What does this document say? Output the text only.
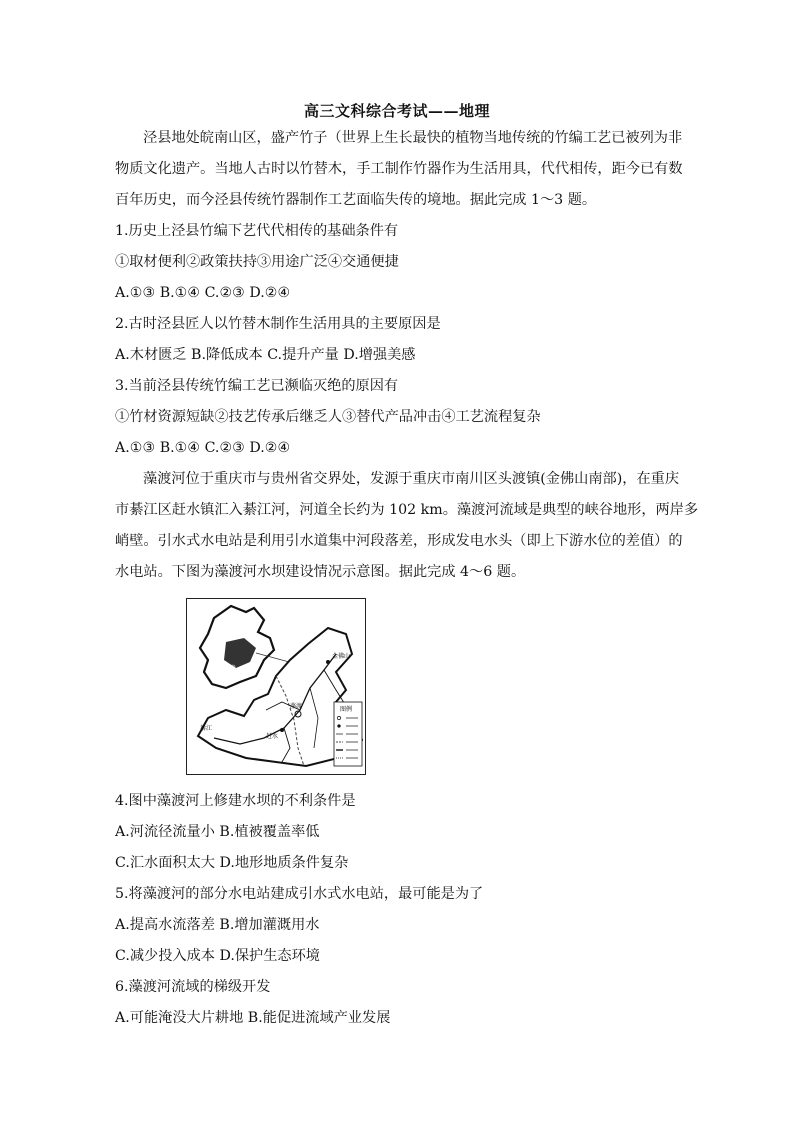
高三文科综合考试——地理
泾县地处皖南山区，盛产竹子（世界上生长最快的植物当地传统的竹编工艺已被列为非
物质文化遗产。当地人古时以竹替木，手工制作竹器作为生活用具，代代相传，距今已有数
百年历史，而今泾县传统竹器制作工艺面临失传的境地。据此完成 1～3 题。
1.历史上泾县竹编下艺代代相传的基础条件有
①取材便利②政策扶持③用途广泛④交通便捷
A.①③ B.①④ C.②③ D.②④
2.古时泾县匠人以竹替木制作生活用具的主要原因是
A.木材匮乏 B.降低成本 C.提升产量 D.增强美感
3.当前泾县传统竹编工艺已濒临灭绝的原因有
①竹材资源短缺②技艺传承后继乏人③替代产品冲击④工艺流程复杂
A.①③ B.①④ C.②③ D.②④
藻渡河位于重庆市与贵州省交界处，发源于重庆市南川区头渡镇(金佛山南部)，在重庆
市綦江区赶水镇汇入綦江河，河道全长约为 102 km。藻渡河流域是典型的峡谷地形，两岸多
峭壁。引水式水电站是利用引水道集中河段落差，形成发电水头（即上下游水位的差值）的
水电站。下图为藻渡河水坝建设情况示意图。据此完成 4～6 题。
金佛山
藻渡
赶水
綦江
贵
图例
4.图中藻渡河上修建水坝的不利条件是
A.河流径流量小 B.植被覆盖率低
C.汇水面积太大 D.地形地质条件复杂
5.将藻渡河的部分水电站建成引水式水电站，最可能是为了
A.提高水流落差 B.增加灌溉用水
C.减少投入成本 D.保护生态环境
6.藻渡河流域的梯级开发
A.可能淹没大片耕地 B.能促进流域产业发展
